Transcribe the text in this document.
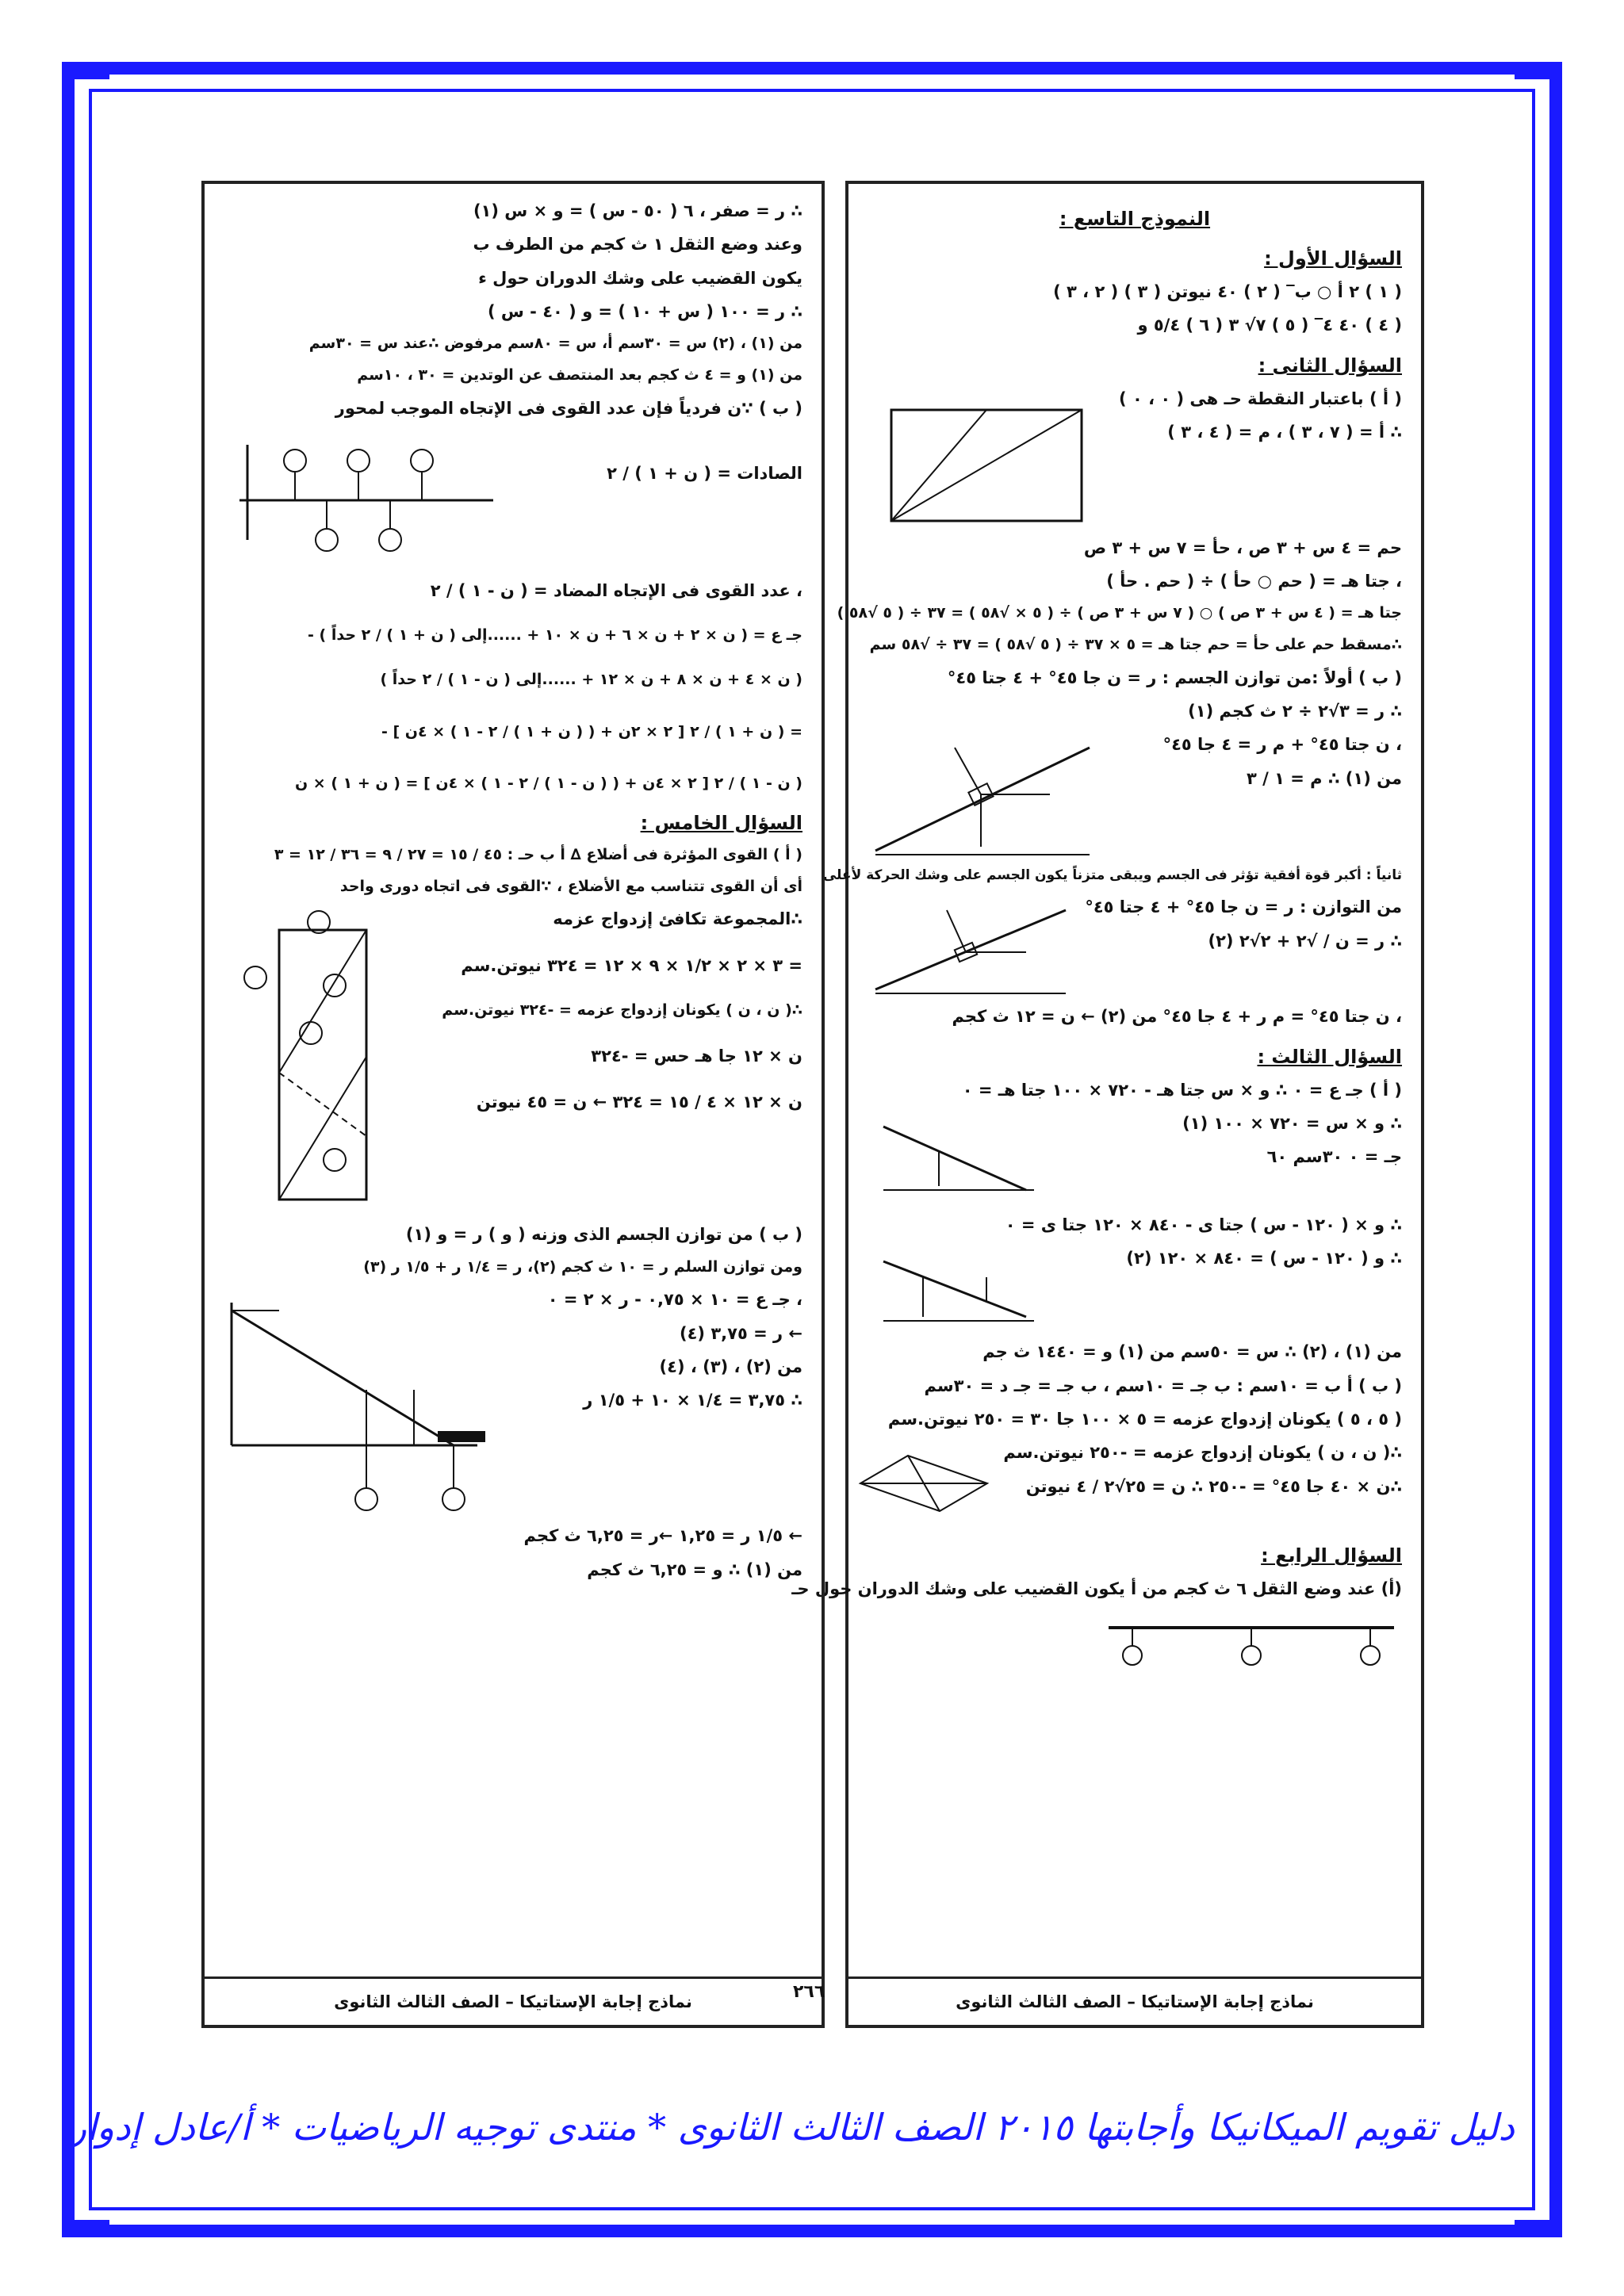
النموذج التاسع :
السؤال الأول :
( ١ ) ٢ أ ○ ب‾ ( ٢ ) ٤٠ نيوتن ( ٣ ) ( ٢ ، ٣ )
( ٤ ) ٤٠ ٤‾ ( ٥ ) ٧√ ٣ ( ٦ ) ٥/٤ و
السؤال الثانى :
( أ ) باعتبار النقطة حـ هى ( ٠ ، ٠ )
∴ أ = ( ٧ ، ٣ ) ، م = ( ٤ ، ٣ )
حم = ٤ س + ٣ ص ، حأ = ٧ س + ٣ ص
، جتا هـ = ( حم ○ حأ ) ÷ ( حم . حأ )
جتا هـ = ( ٤ س + ٣ ص ) ○ ( ٧ س + ٣ ص ) ÷ ( ٥ × √٥٨ ) = ٣٧ ÷ ( ٥ √٥٨ )
∴مسقط حم على حأ = حم جتا هـ = ٥ × ٣٧ ÷ ( ٥ √٥٨ ) = ٣٧ ÷ √٥٨ سم
( ب ) أولاً :من توازن الجسم : ر = ن جا ٤٥° + ٤ جتا ٤٥°
∴ ر = ٣√٢ ÷ ٢ ث كجم (١)
، ن جتا ٤٥° + م ر = ٤ جا ٤٥°
من (١) ∴ م = ١ / ٣
ثانياً : أكبر قوة أفقية تؤثر فى الجسم ويبقى متزناً يكون الجسم على وشك الحركة لأعلى
من التوازن : ر = ن جا ٤٥° + ٤ جتا ٤٥°
∴ ر = ن / √٢ + ٢√٢ (٢)
، ن جتا ٤٥° = م ر + ٤ جا ٤٥° من (٢) ← ن = ١٢ ث كجم
السؤال الثالث :
( أ ) جـ ع = ٠ ∴ و × س جتا هـ - ٧٢٠ × ١٠٠ جتا هـ = ٠
∴ و × س = ٧٢٠ × ١٠٠ (١)
جـ = ٠ ٣٠سم ٦٠
∴ و × ( ١٢٠ - س ) جتا ى - ٨٤٠ × ١٢٠ جتا ى = ٠
∴ و ( ١٢٠ - س ) = ٨٤٠ × ١٢٠ (٢)
من (١) ، (٢) ∴ س = ٥٠سم من (١) و = ١٤٤٠ ث جم
( ب ) أ ب = ١٠سم : ب جـ = ١٠سم ، ب جـ = جـ د = ٣٠سم
( ٥ ، ٥ ) يكونان إزدواج عزمه = ٥ × ١٠٠ جا ٣٠ = ٢٥٠ نيوتن.سم
∴( ن ، ن ) يكونان إزدواج عزمه = -٢٥٠ نيوتن.سم
∴ن × ٤٠ جا ٤٥° = -٢٥٠ ∴ ن = ٢٥√٢ / ٤ نيوتن
السؤال الرابع :
(أ) عند وضع الثقل ٦ ث كجم من أ يكون القضيب على وشك الدوران حول حـ
نماذج إجابة الإستاتيكا – الصف الثالث الثانوى
∴ ر = صفر ، ٦ ( ٥٠ - س ) = و × س (١)
وعند وضع الثقل ١ ث كجم من الطرف ب
يكون القضيب على وشك الدوران حول ء
∴ ر = ١٠٠ ( س + ١٠ ) = و ( ٤٠ - س )
من (١) ، (٢) س = ٣٠سم أ، س = ٨٠سم مرفوض ∴عند س = ٣٠سم
من (١) و = ٤ ث كجم بعد المنتصف عن الوتدين = ٣٠ ، ١٠سم
( ب ) ∵ن فردياً فإن عدد القوى فى الإتجاه الموجب لمحور
الصادات = ( ن + ١ ) / ٢
، عدد القوى فى الإتجاه المضاد = ( ن - ١ ) / ٢
جـ ع = ( ن × ٢ + ن × ٦ + ن × ١٠ + ......إلى ( ن + ١ ) / ٢ حداً ) -
( ن × ٤ + ن × ٨ + ن × ١٢ + ......إلى ( ن - ١ ) / ٢ حداً )
= ( ن + ١ ) / ٢ [ ٢ × ٢ن + ( ( ن + ١ ) / ٢ - ١ ) × ٤ن ] -
( ن - ١ ) / ٢ [ ٢ × ٤ن + ( ( ن - ١ ) / ٢ - ١ ) × ٤ن ] = ( ن + ١ ) × ن
السؤال الخامس :
( أ ) القوى المؤثرة فى أضلاع ∆ أ ب حـ : ٤٥ / ١٥ = ٢٧ / ٩ = ٣٦ / ١٢ = ٣
أى أن القوى تتناسب مع الأضلاع ، ∵القوى فى اتجاه دورى واحد
∴المجموعة تكافئ إزدواج عزمه
= ٣ × ٢ × ١/٢ × ٩ × ١٢ = ٣٢٤ نيوتن.سم
∴( ن ، ن ) يكونان إزدواج عزمه = -٣٢٤ نيوتن.سم
ن × ١٢ جا هـ حس = -٣٢٤
ن × ١٢ × ٤ / ١٥ = ٣٢٤ ← ن = ٤٥ نيوتن
( ب ) من توازن الجسم الذى وزنه ( و ) ر = و (١)
ومن توازن السلم ر = ١٠ ث كجم (٢)، ر = ١/٤ ر + ١/٥ ر (٣)
، جـ ع = ١٠ × ٠,٧٥ - ر × ٢ = ٠
← ر = ٣,٧٥ (٤)
من (٢) ، (٣) ، (٤)
∴ ٣,٧٥ = ١/٤ × ١٠ + ١/٥ ر
← ١/٥ ر = ١,٢٥ ←ر = ٦,٢٥ ث كجم
من (١) ∴ و = ٦,٢٥ ث كجم
نماذج إجابة الإستاتيكا – الصف الثالث الثانوى	٢٦٦
دليل تقويم الميكانيكا وأجابتها ٢٠١٥ الصف الثالث الثانوى * منتدى توجيه الرياضيات * أ/عادل إدوار
